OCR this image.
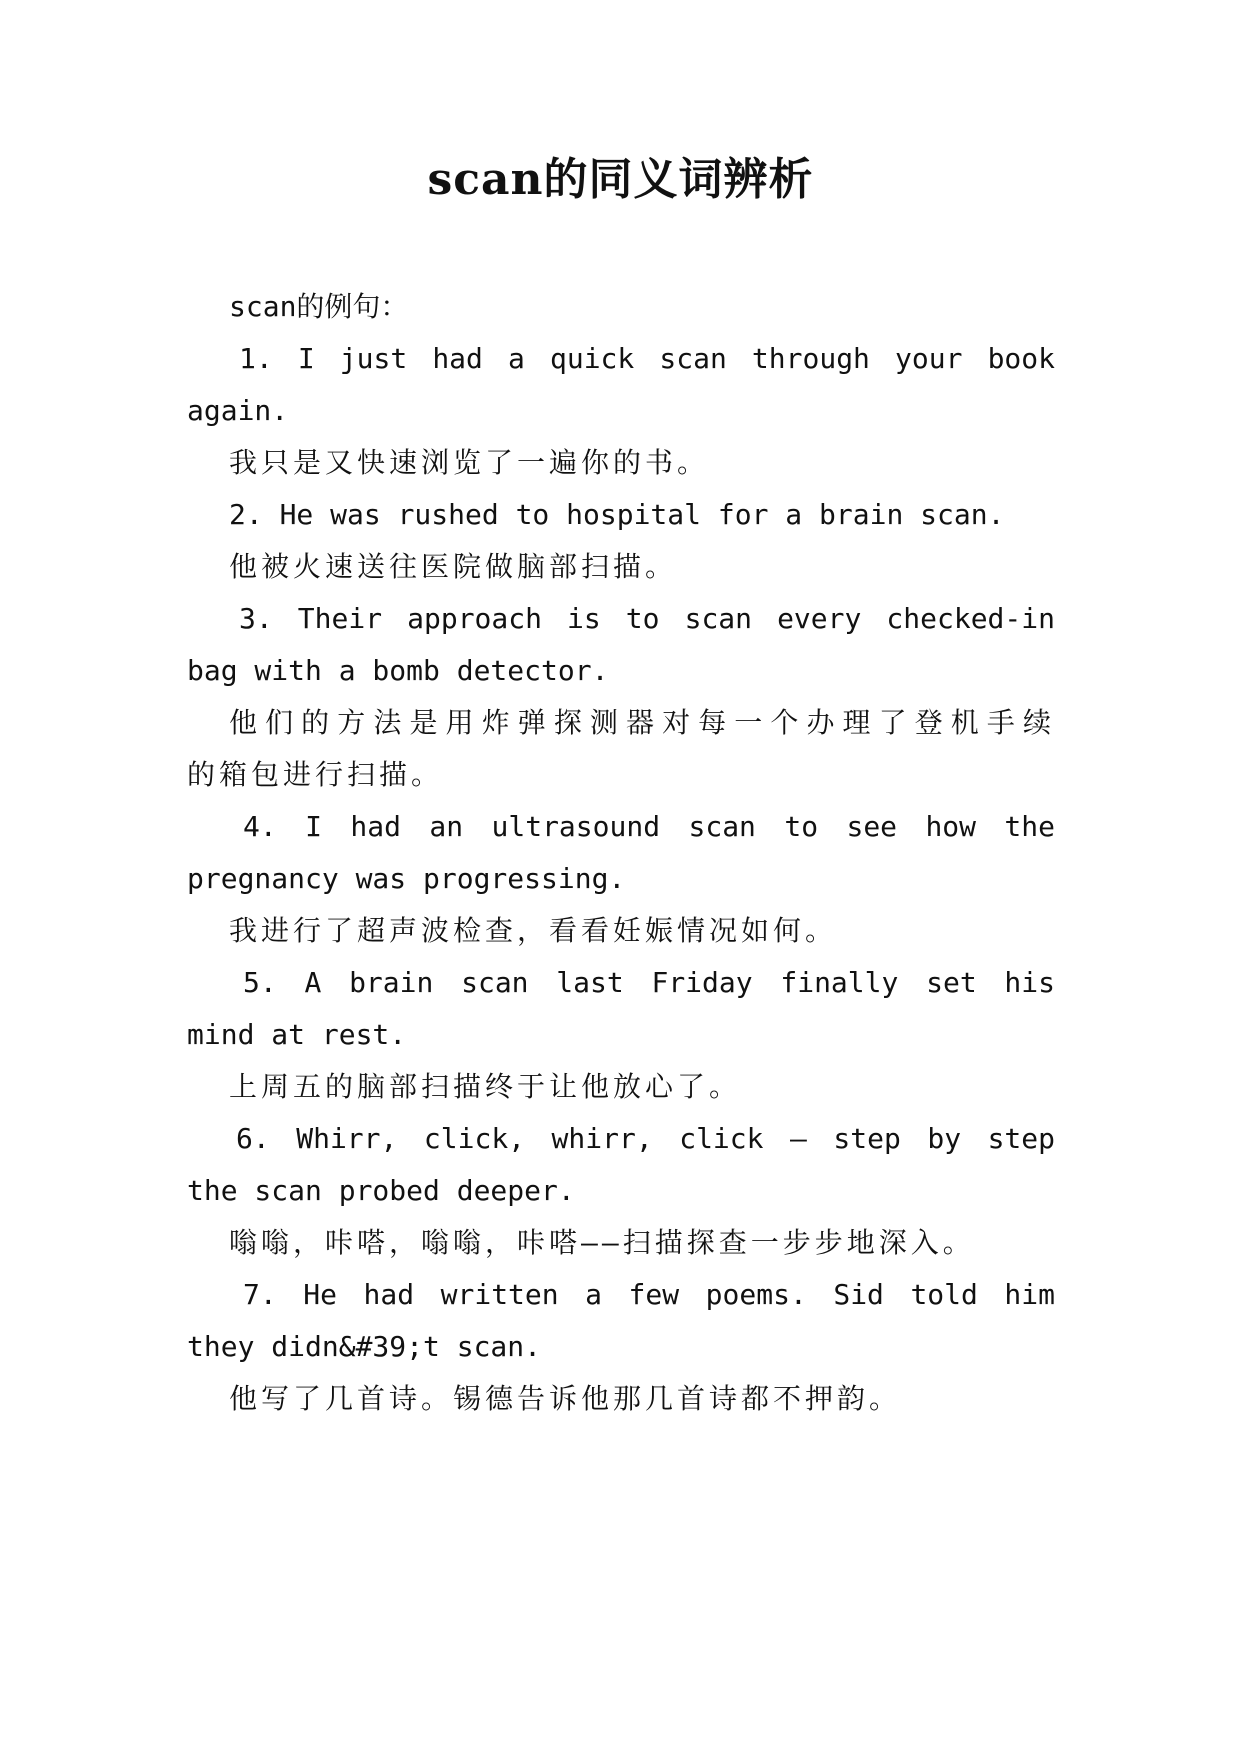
scan的同义词辨析
scan的例句：
1. I just had a quick scan through your book
again.
我只是又快速浏览了一遍你的书。
2. He was rushed to hospital for a brain scan.
他被火速送往医院做脑部扫描。
3. Their approach is to scan every checked-in
bag with a bomb detector.
他们的方法是用炸弹探测器对每一个办理了登机手续
的箱包进行扫描。
4. I had an ultrasound scan to see how the
pregnancy was progressing.
我进行了超声波检查，看看妊娠情况如何。
5. A brain scan last Friday finally set his
mind at rest.
上周五的脑部扫描终于让他放心了。
6. Whirr, click, whirr, click — step by step
the scan probed deeper.
嗡嗡，咔嗒，嗡嗡，咔嗒——扫描探查一步步地深入。
7. He had written a few poems. Sid told him
they didn&#39;t scan.
他写了几首诗。锡德告诉他那几首诗都不押韵。
